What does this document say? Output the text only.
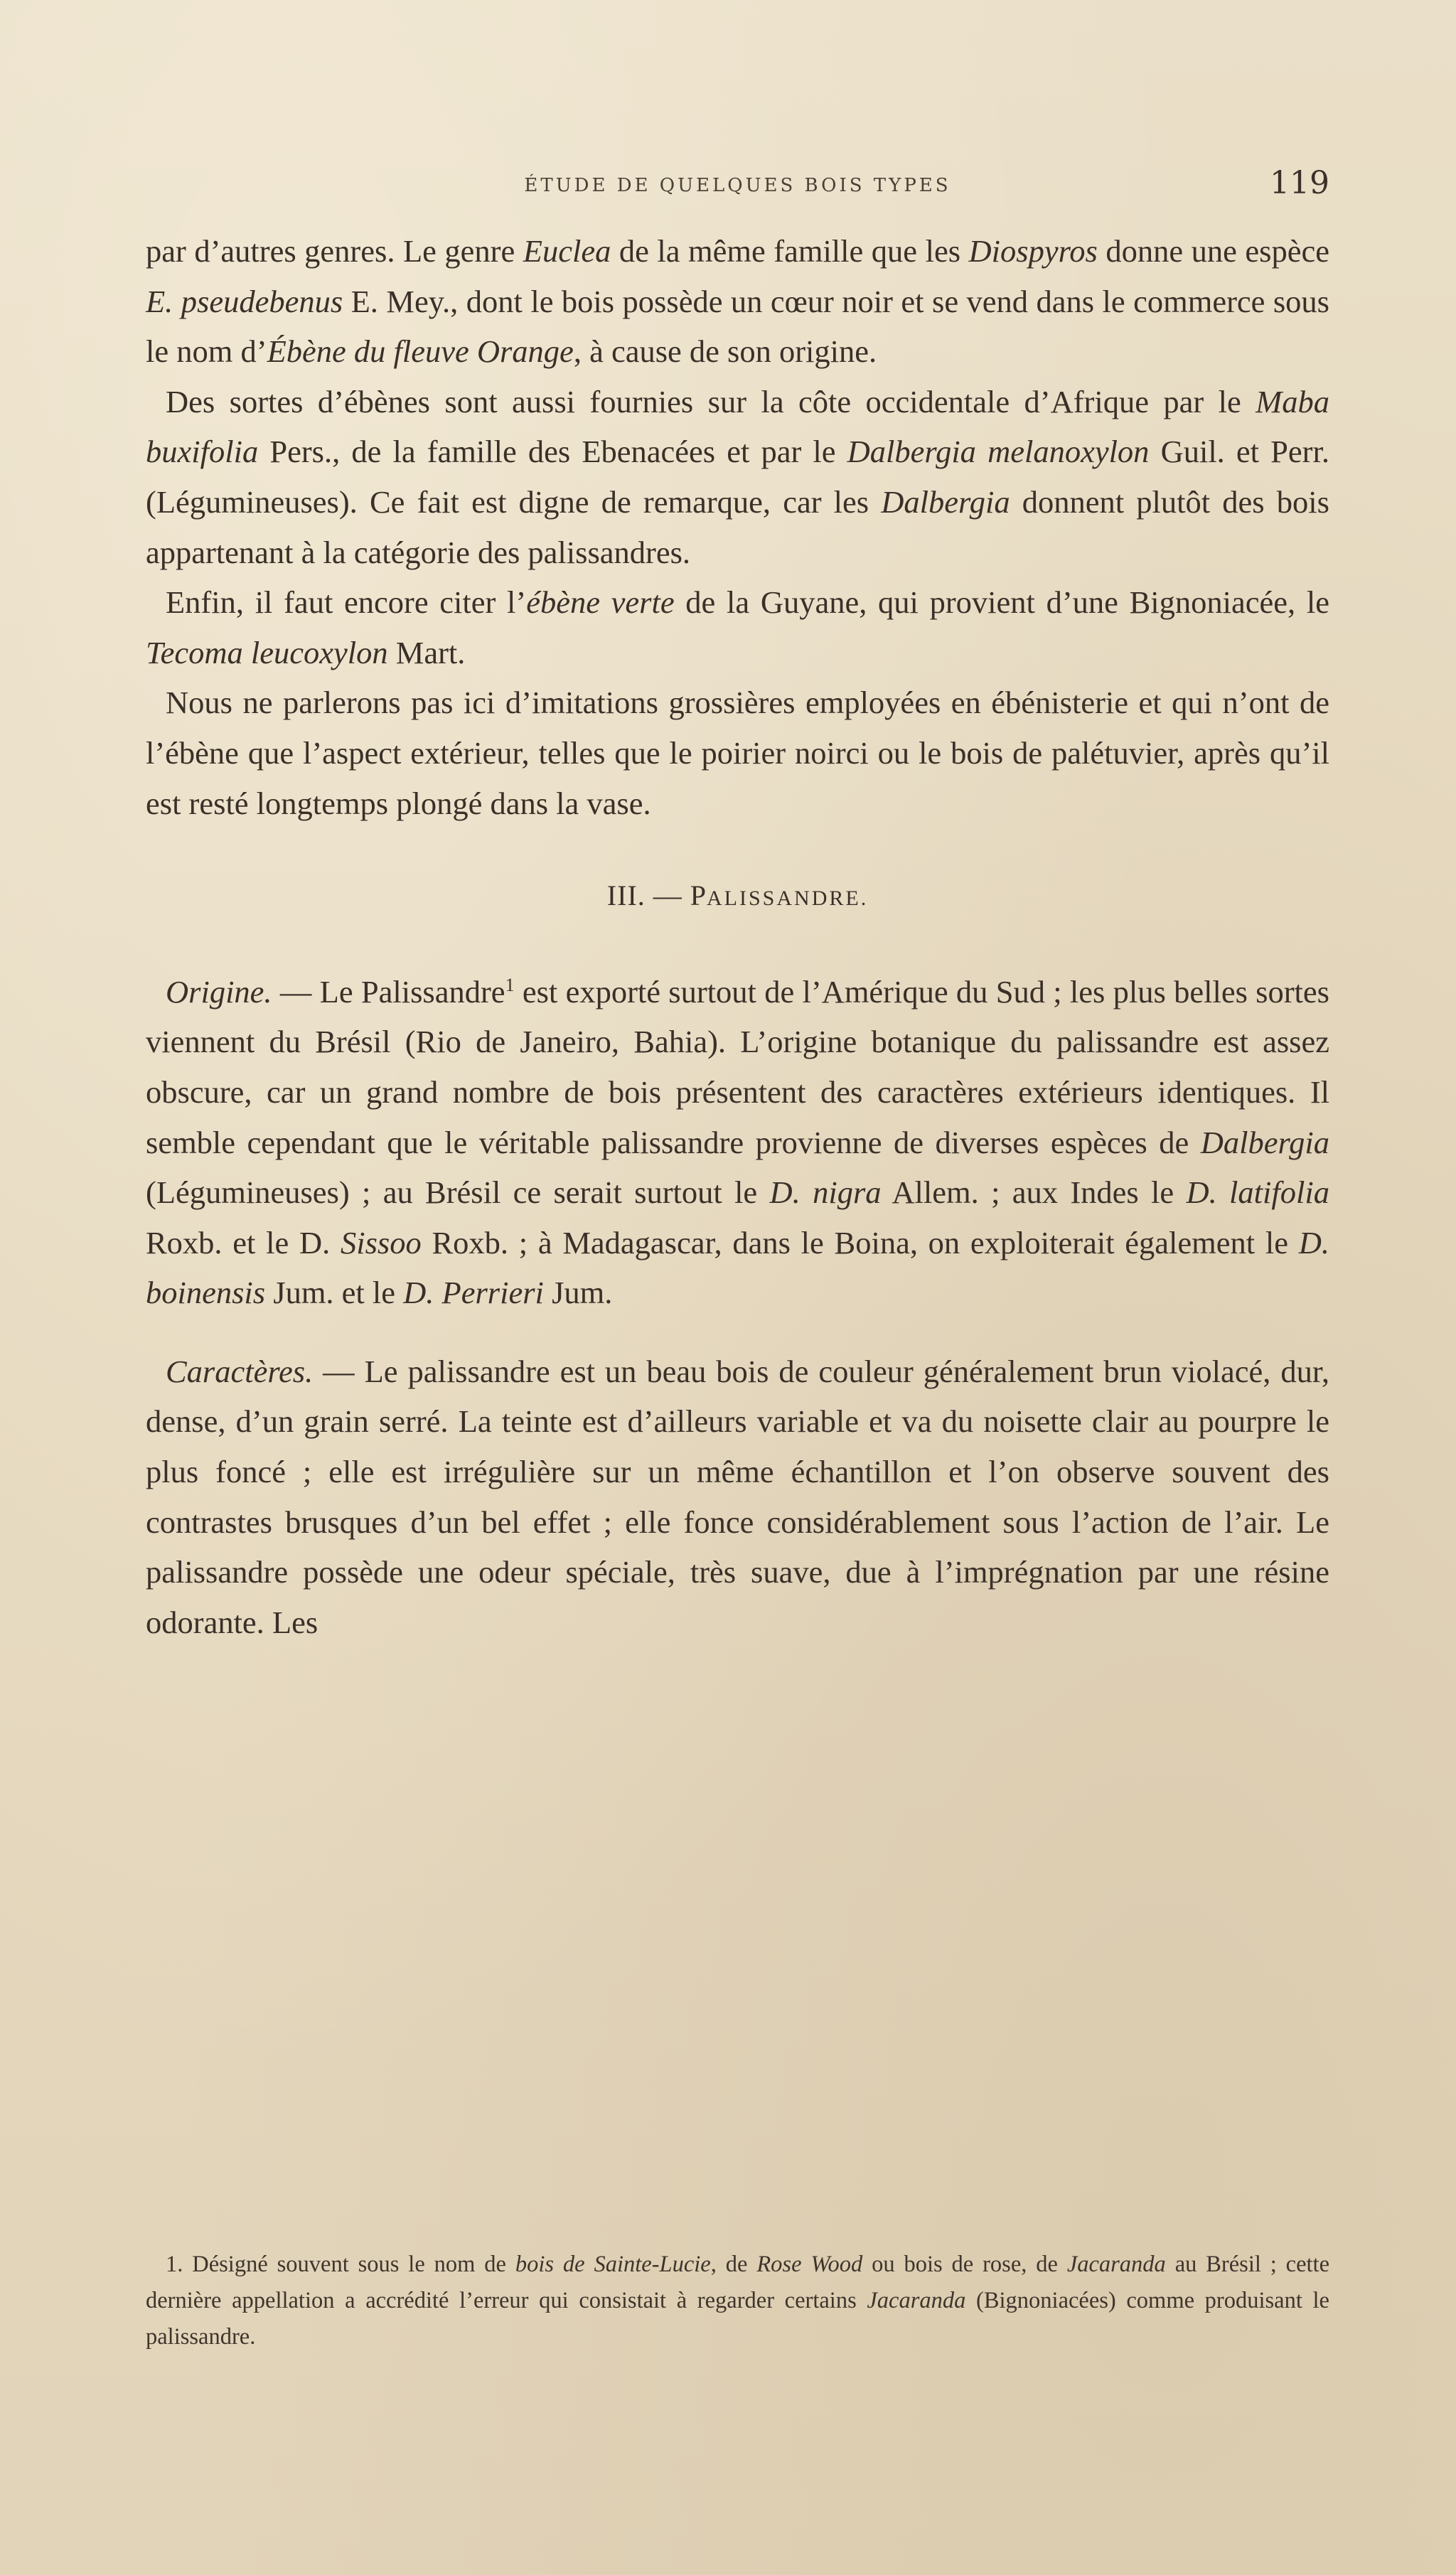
ÉTUDE DE QUELQUES BOIS TYPES	119

par d’autres genres. Le genre Euclea de la même famille que les Diospyros donne une espèce E. pseudebenus E. Mey., dont le bois possède un cœur noir et se vend dans le commerce sous le nom d’Ébène du fleuve Orange, à cause de son origine.

Des sortes d’ébènes sont aussi fournies sur la côte occidentale d’Afrique par le Maba buxifolia Pers., de la famille des Ebenacées et par le Dalbergia melanoxylon Guil. et Perr. (Légumineuses). Ce fait est digne de remarque, car les Dalbergia donnent plutôt des bois appartenant à la catégorie des palissandres.

Enfin, il faut encore citer l’ébène verte de la Guyane, qui provient d’une Bignoniacée, le Tecoma leucoxylon Mart.

Nous ne parlerons pas ici d’imitations grossières employées en ébénisterie et qui n’ont de l’ébène que l’aspect extérieur, telles que le poirier noirci ou le bois de palétuvier, après qu’il est resté longtemps plongé dans la vase.

III. — PALISSANDRE.

Origine. — Le Palissandre$^1$ est exporté surtout de l’Amérique du Sud ; les plus belles sortes viennent du Brésil (Rio de Janeiro, Bahia). L’origine botanique du palissandre est assez obscure, car un grand nombre de bois présentent des caractères extérieurs identiques. Il semble cependant que le véritable palissandre provienne de diverses espèces de Dalbergia (Légumineuses) ; au Brésil ce serait surtout le D. nigra Allem. ; aux Indes le D. latifolia Roxb. et le D. Sissoo Roxb. ; à Madagascar, dans le Boina, on exploiterait également le D. boinensis Jum. et le D. Perrieri Jum.

Caractères. — Le palissandre est un beau bois de couleur généralement brun violacé, dur, dense, d’un grain serré. La teinte est d’ailleurs variable et va du noisette clair au pourpre le plus foncé ; elle est irrégulière sur un même échantillon et l’on observe souvent des contrastes brusques d’un bel effet ; elle fonce considérablement sous l’action de l’air. Le palissandre possède une odeur spéciale, très suave, due à l’imprégnation par une résine odorante. Les

1. Désigné souvent sous le nom de bois de Sainte-Lucie, de Rose Wood ou bois de rose, de Jacaranda au Brésil ; cette dernière appellation a accrédité l’erreur qui consistait à regarder certains Jacaranda (Bignoniacées) comme produisant le palissandre.
